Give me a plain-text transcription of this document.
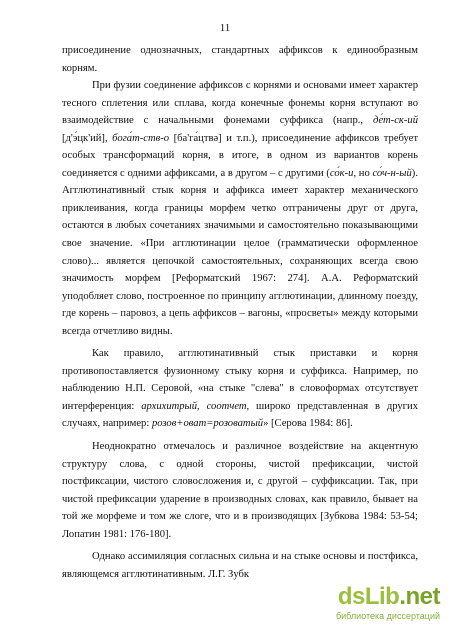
11

присоединение однозначных, стандартных аффиксов к единообразным корням.

При фузии соединение аффиксов с корнями и основами имеет характер тесного сплетения или сплава, когда конечные фонемы корня вступают во взаимодействие с начальными фонемами суффикса (напр., де́т-ск-ий [д'э́цк'ий], бога́т-ств-о [ба'га́цтвə] и т.п.), присоединение аффиксов требует особых трансформаций корня, в итоге, в одном из вариантов корень соединяется с одними аффиксами, а в другом – с другими (со́к-и, но со́ч-н-ый). Агглютинативный стык корня и аффикса имеет характер механического приклеивания, когда границы морфем четко отграничены друг от друга, остаются в любых сочетаниях значимыми и самостоятельно показывающими свое значение. «При агглютинации целое (грамматически оформленное слово)... является цепочкой самостоятельных, сохраняющих всегда свою значимость морфем [Реформатский 1967: 274]. А.А. Реформатский уподобляет слово, построенное по принципу агглютинации, длинному поезду, где корень – паровоз, а цепь аффиксов – вагоны, «просветы» между которыми всегда отчетливо видны.

Как правило, агглютинативный стык приставки и корня противопоставляется фузионному стыку корня и суффикса. Например, по наблюдению Н.П. Серовой, «на стыке "слева" в словоформах отсутствует интерференция: архихитрый, соотчет, широко представленная в других случаях, например: розов+оват=розоватый» [Серова 1984: 86].

Неоднократно отмечалось и различное воздействие на акцентную структуру слова, с одной стороны, чистой префиксации, чистой постфиксации, чистого словосложения и, с другой – суффиксации. Так, при чистой префиксации ударение в производных словах, как правило, бывает на той же морфеме и том же слоге, что и в производящих [Зубкова 1984: 53-54; Лопатин 1981: 176-180].

Однако ассимиляция согласных сильна и на стыке основы и постфикса, являющемся агглютинативным. Л.Г. Зубк

dsLib.net
библиотека диссертаций
